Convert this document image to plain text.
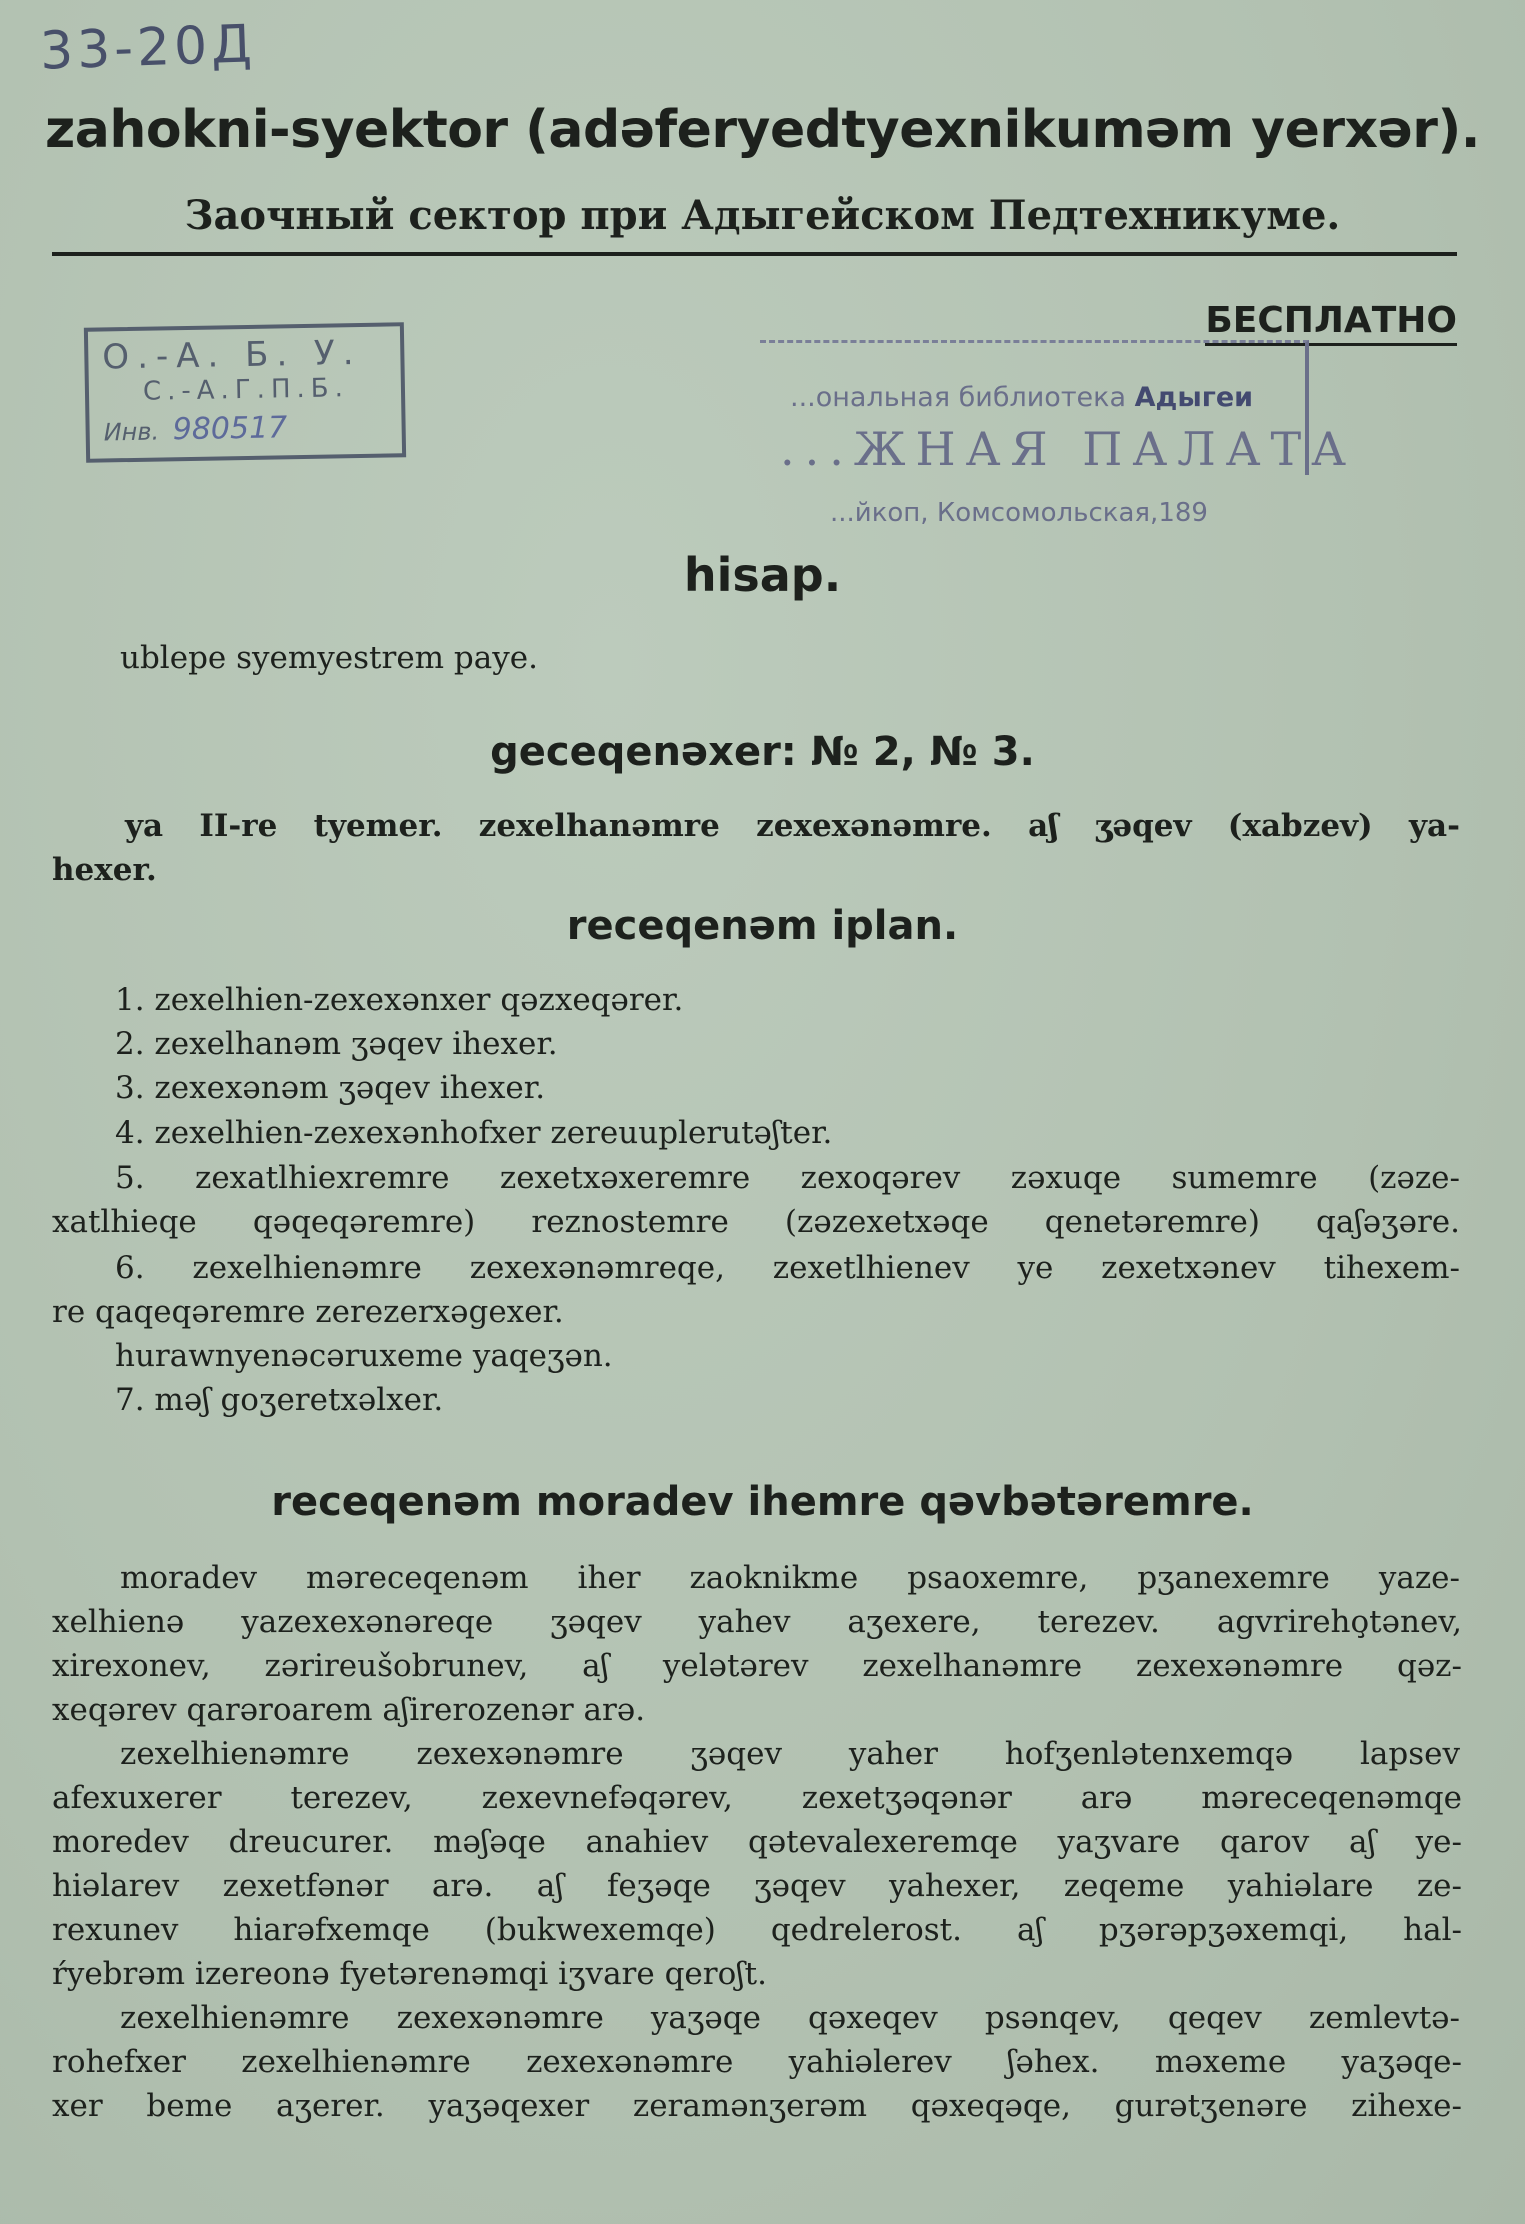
33-20Д
zahokni-syektor (adəferyedtyexnikuməm yerxər).
Заочный сектор при Адыгейском Педтехникуме.
БЕСПЛАТНО
О.-А. Б. У.
С.-А.Г.П.Б.
Инв. 980517
...ональная библиотека Адыгеи
...ЖНАЯ ПАЛАТА
...йкоп, Комсомольская,189
hisap.
ublepe syemyestrem paye.
geceqenəxer: № 2, № 3.
ya II-re tyemer. zexelhanəmre zexexənəmre. aʃ ʒəqev (xabzev) ya-
hexer.
receqenəm iplan.
1. zexelhien-zexexənxer qəzxeqərer.
2. zexelhanəm ʒəqev ihexer.
3. zexexənəm ʒəqev ihexer.
4. zexelhien-zexexənhofxer zereuuplerutəʃter.
5. zexatlhiexremre zexetxəxeremre zexoqərev zəxuqe sumemre (zəze-
xatlhieqe qəqeqəremre) reznostemre (zəzexetxəqe qenetəremre) qaʃəʒəre.
6. zexelhienəmre zexexənəmreqe, zexetlhienev ye zexetxənev tihexem-
re qaqeqəremre zerezerxəgexer.
hurawnyenəcəruxeme yaqeʒən.
7. məʃ goʒeretxəlxer.
receqenəm moradev ihemre qəvbətəremre.
moradev məreceqenəm iher zaoknikme psaoxemre, pʒanexemre yaze-
xelhienə yazexexənəreqe ʒəqev yahev aʒexere, terezev. agvrireho̧tənev,
xirexonev, zərireušobrunev, aʃ yelətərev zexelhanəmre zexexənəmre qəz-
xeqərev qarəroarem aʃirerozenər arə.
zexelhienəmre zexexənəmre ʒəqev yaher hofʒenlətenxemqə lapsev
afexuxerer terezev, zexevnefəqərev, zexetʒəqənər arə məreceqenəmqe
moredev dreucurer. məʃəqe anahiev qətevalexeremqe yaʒvare qarov aʃ ye-
hiəlarev zexetfənər arə. aʃ feʒəqe ʒəqev yahexer, zeqeme yahiəlare ze-
rexunev hiarəfxemqe (bukwexemqe) qedrelerost. aʃ pʒərəpʒəxemqi, hal-
ŕyebrəm izereonə fyetərenəmqi iʒvare qeroʃt.
zexelhienəmre zexexənəmre yaʒəqe qəxeqev psənqev, qeqev zemlevtə-
rohefxer zexelhienəmre zexexənəmre yahiəlerev ʃəhex. məxeme yaʒəqe-
xer beme aʒerer. yaʒəqexer zeramənʒerəm qəxeqəqe, gurətʒenəre zihexe-
